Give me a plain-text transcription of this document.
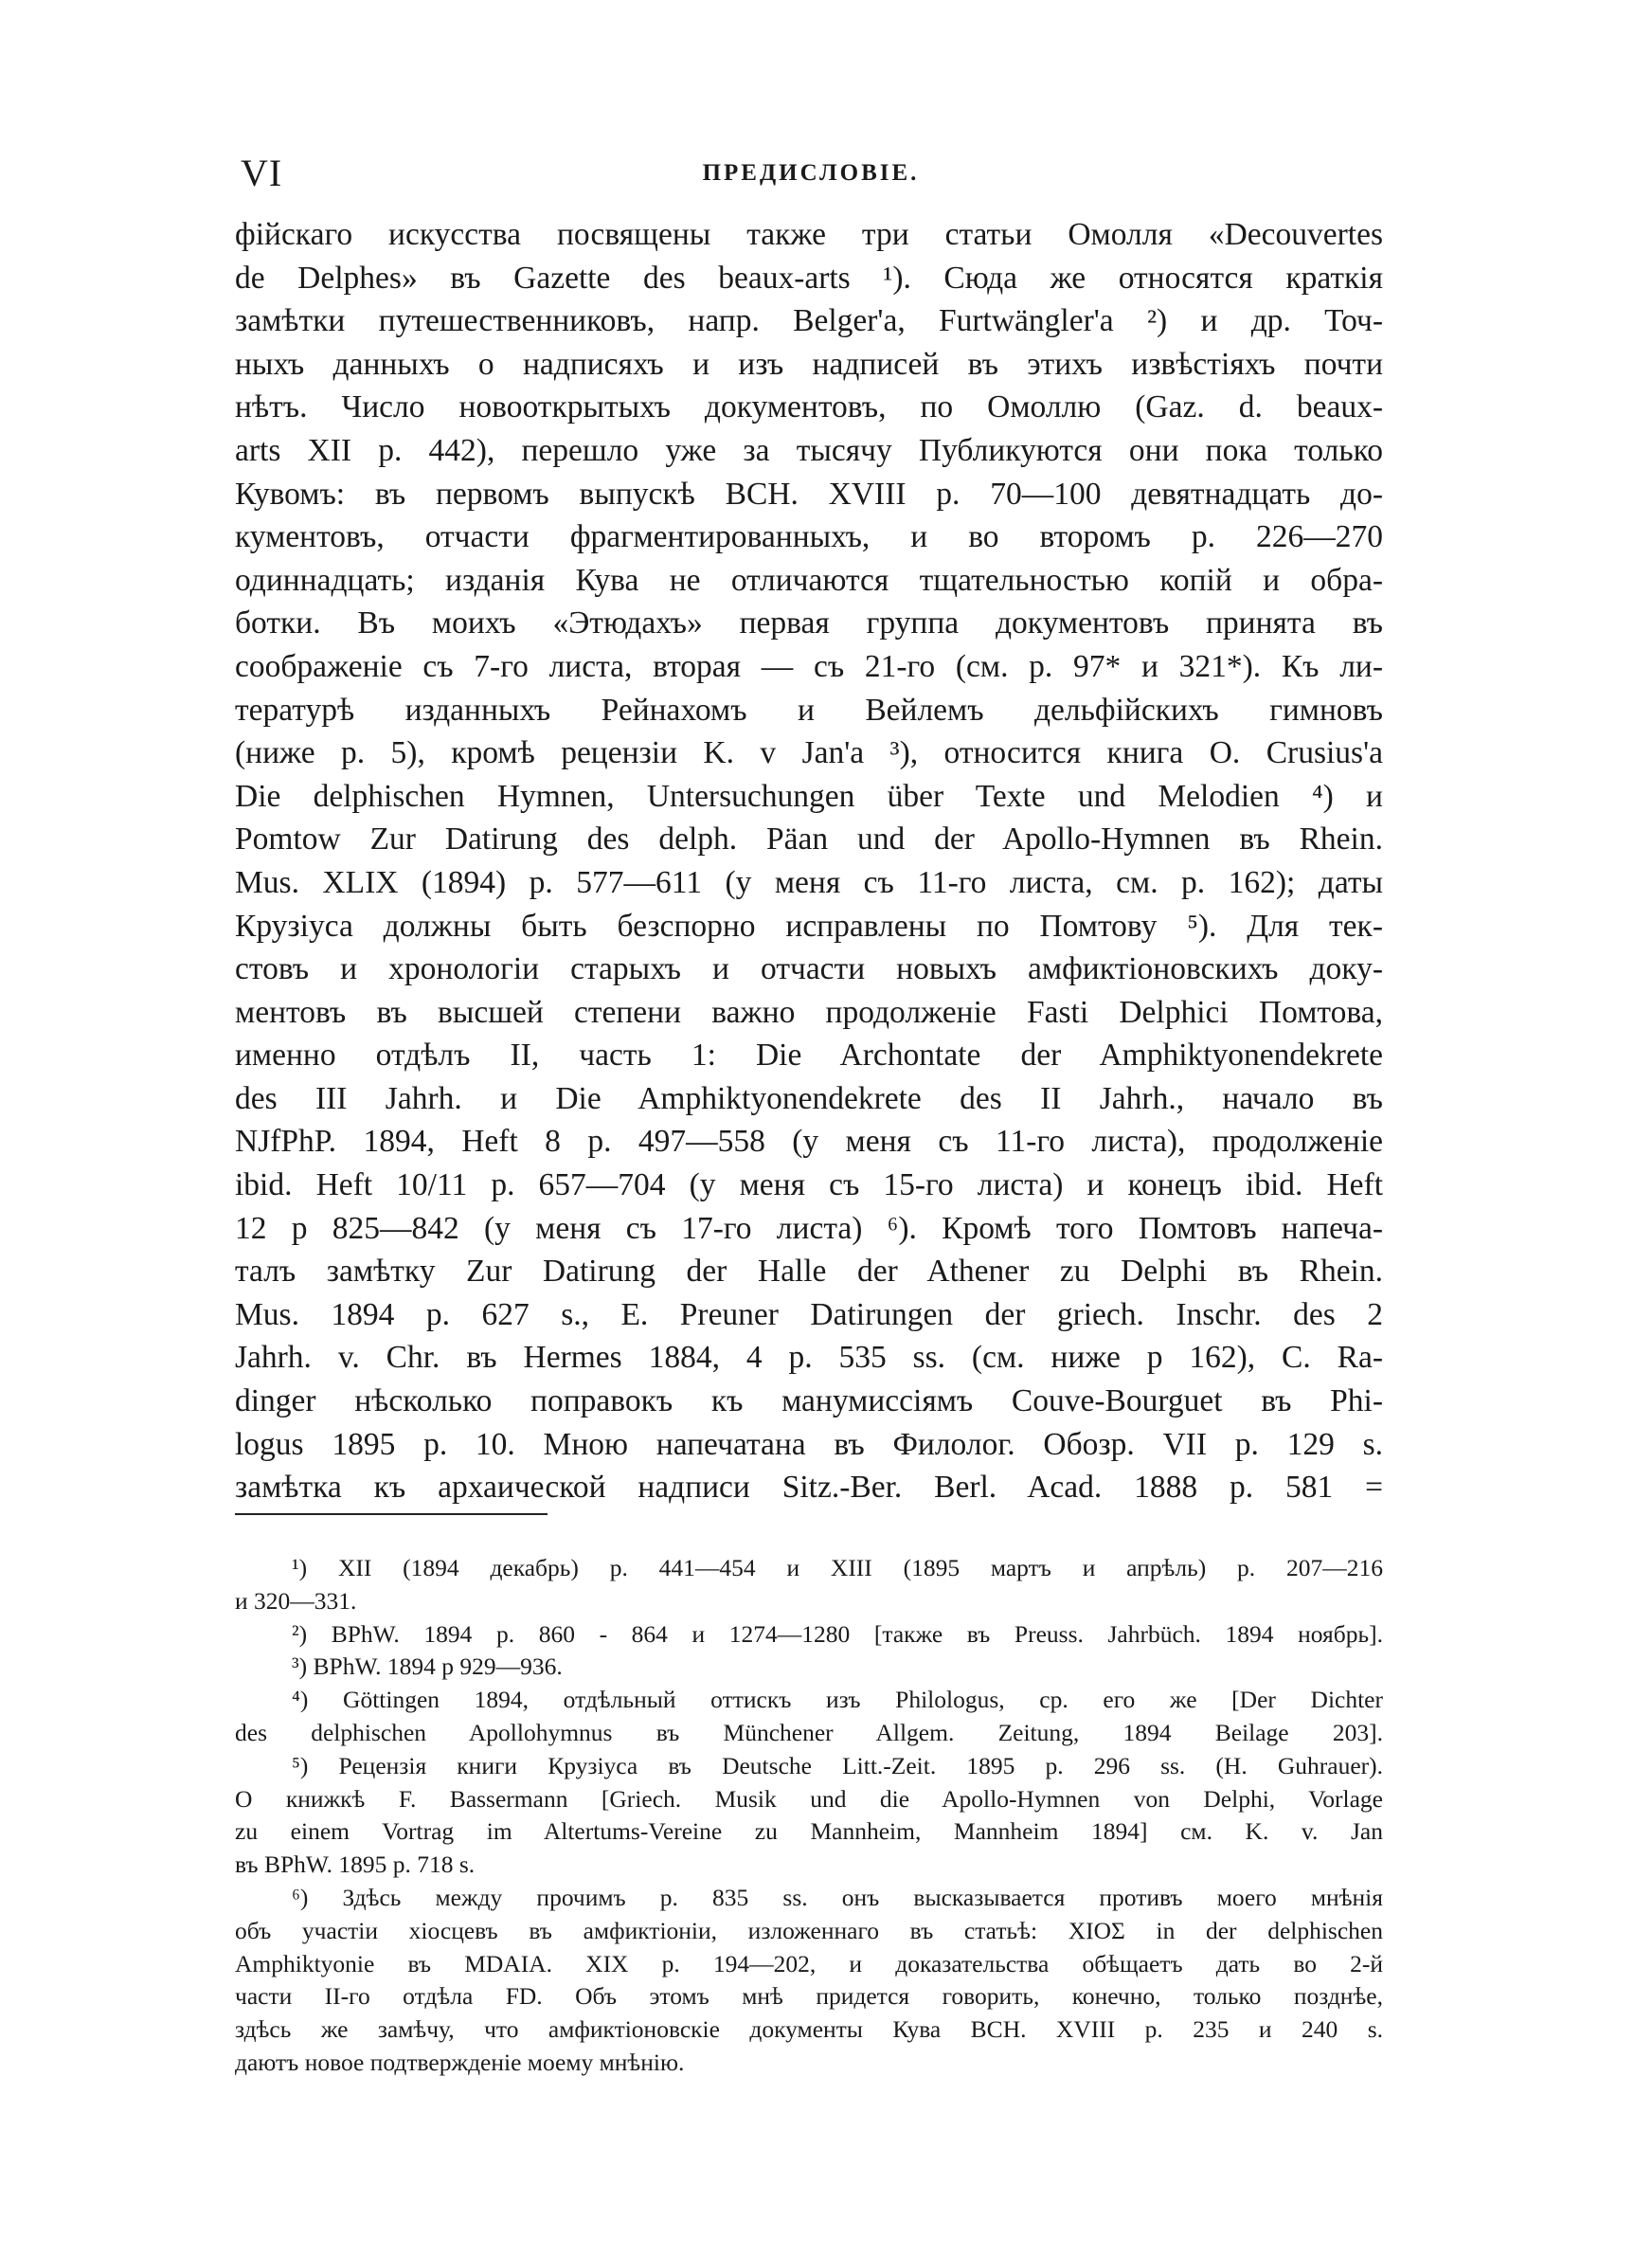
VI	ПРЕДИСЛОВІЕ.
фійскаго искусства посвящены также три статьи Омолля «Decouvertes
de Delphes» въ Gazette des beaux-arts ¹). Сюда же относятся краткія
замѣтки путешественниковъ, напр. Belger'а, Furtwängler'а ²) и др. Точ-
ныхъ данныхъ о надписяхъ и изъ надписей въ этихъ извѣстіяхъ почти
нѣтъ. Число новооткрытыхъ документовъ, по Омоллю (Gaz. d. beaux-
arts XII p. 442), перешло уже за тысячу Публикуются они пока только
Кувомъ: въ первомъ выпускѣ BCH. XVIII p. 70—100 девятнадцать до-
кументовъ, отчасти фрагментированныхъ, и во второмъ p. 226—270
одиннадцать; изданія Кува не отличаются тщательностью копій и обра-
ботки. Въ моихъ «Этюдахъ» первая группа документовъ принята въ
соображеніе съ 7-го листа, вторая — съ 21-го (см. p. 97* и 321*). Къ ли-
тературѣ изданныхъ Рейнахомъ и Вейлемъ дельфійскихъ гимновъ
(ниже p. 5), кромѣ рецензіи K. v Jan'а ³), относится книга O. Crusius'а
Die delphischen Hymnen, Untersuchungen über Texte und Melodien ⁴) и
Pomtow Zur Datirung des delph. Päan und der Apollo-Hymnen въ Rhein.
Mus. XLIX (1894) p. 577—611 (у меня съ 11-го листа, см. p. 162); даты
Крузіуса должны быть безспорно исправлены по Помтову ⁵). Для тек-
стовъ и хронологіи старыхъ и отчасти новыхъ амфиктіоновскихъ доку-
ментовъ въ высшей степени важно продолженіе Fasti Delphici Помтова,
именно отдѣлъ II, часть 1: Die Archontate der Amphiktyonendekrete
des III Jahrh. и Die Amphiktyonendekrete des II Jahrh., начало въ
NJfPhP. 1894, Heft 8 p. 497—558 (у меня съ 11-го листа), продолженіе
ibid. Heft 10/11 p. 657—704 (у меня съ 15-го листа) и конецъ ibid. Heft
12 p 825—842 (у меня съ 17-го листа) ⁶). Кромѣ того Помтовъ напеча-
талъ замѣтку Zur Datirung der Halle der Athener zu Delphi въ Rhein.
Mus. 1894 p. 627 s., E. Preuner Datirungen der griech. Inschr. des 2
Jahrh. v. Chr. въ Hermes 1884, 4 p. 535 ss. (см. ниже p 162), C. Ra-
dinger нѣсколько поправокъ къ манумиссіямъ Couve-Bourguet въ Phi-
logus 1895 p. 10. Мною напечатана въ Филолог. Обозр. VII p. 129 s.
замѣтка къ архаической надписи Sitz.-Ber. Berl. Acad. 1888 p. 581 =
¹) XII (1894 декабрь) p. 441—454 и XIII (1895 мартъ и апрѣль) p. 207—216
и 320—331.
²) BPhW. 1894 p. 860 - 864 и 1274—1280 [также въ Preuss. Jahrbüch. 1894 ноябрь].
³) BPhW. 1894 p 929—936.
⁴) Göttingen 1894, отдѣльный оттискъ изъ Philologus, ср. его же [Der Dichter
des delphischen Apollohymnus въ Münchener Allgem. Zeitung, 1894 Beilage 203].
⁵) Рецензія книги Крузіуса въ Deutsche Litt.-Zeit. 1895 p. 296 ss. (H. Guhrauer).
О книжкѣ F. Bassermann [Griech. Musik und die Apollo-Hymnen von Delphi, Vorlage
zu einem Vortrag im Altertums-Vereine zu Mannheim, Mannheim 1894] см. K. v. Jan
въ BPhW. 1895 p. 718 s.
⁶) Здѣсь между прочимъ p. 835 ss. онъ высказывается противъ моего мнѣнія
объ участіи хіосцевъ въ амфиктіоніи, изложеннаго въ статьѣ: ΧΙΟΣ in der delphischen
Amphiktyonie въ MDAIA. XIX p. 194—202, и доказательства обѣщаетъ дать во 2-й
части II-го отдѣла FD. Объ этомъ мнѣ придется говорить, конечно, только позднѣе,
здѣсь же замѣчу, что амфиктіоновскіе документы Кува BCH. XVIII p. 235 и 240 s.
даютъ новое подтвержденіе моему мнѣнію.
